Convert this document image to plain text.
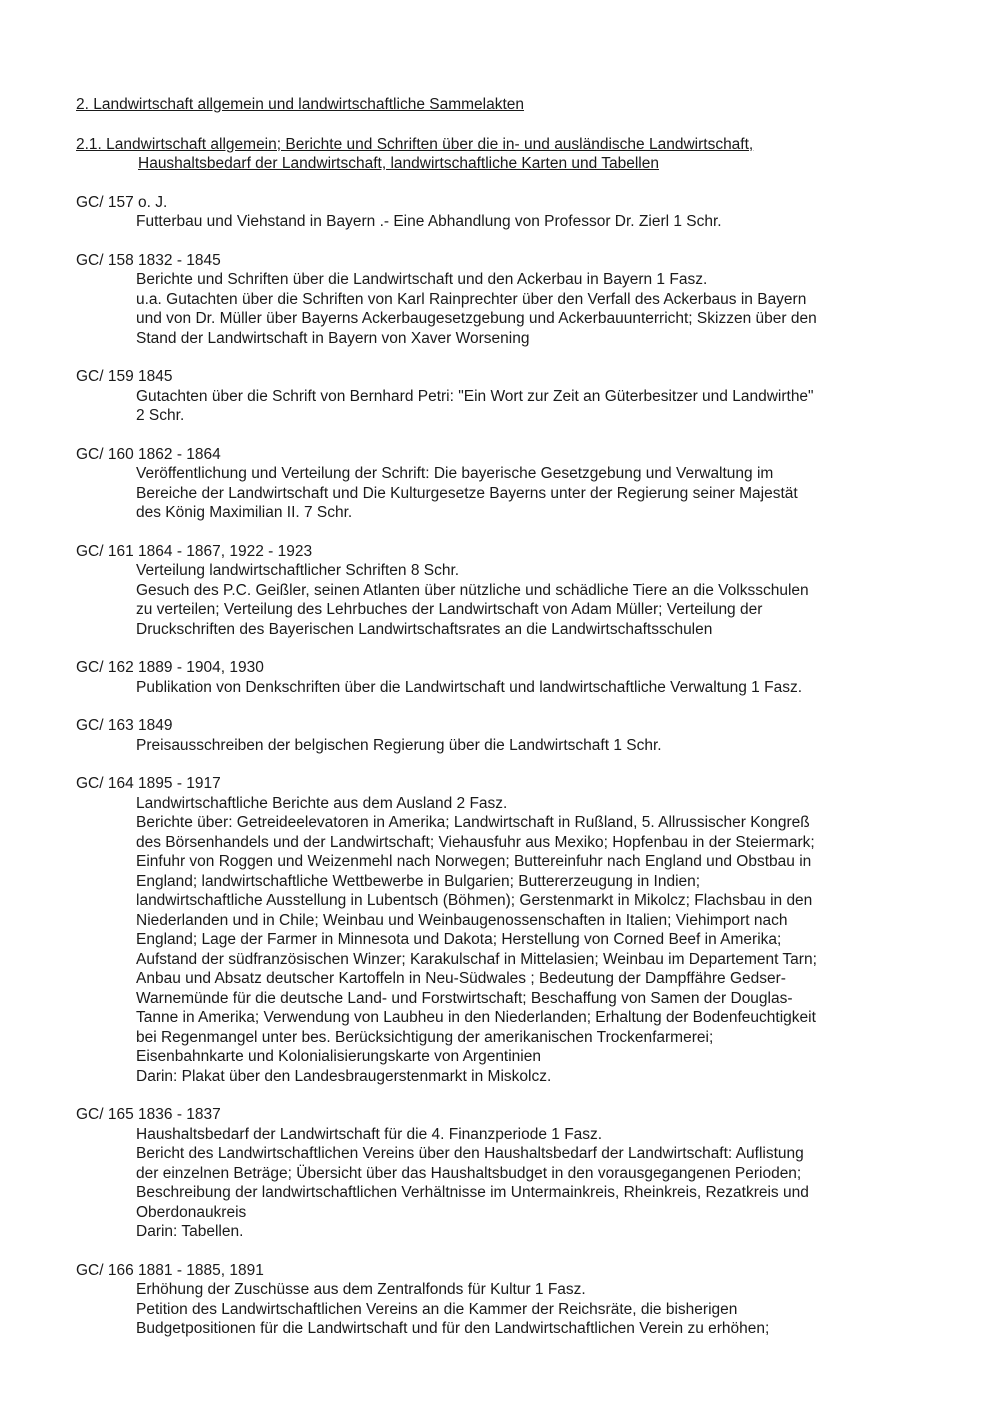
2. Landwirtschaft allgemein und landwirtschaftliche Sammelakten
2.1. Landwirtschaft allgemein; Berichte und Schriften über die in- und ausländische Landwirtschaft,
Haushaltsbedarf der Landwirtschaft, landwirtschaftliche Karten und Tabellen
GC/ 157 o. J.
Futterbau und Viehstand in Bayern .- Eine Abhandlung von Professor Dr. Zierl 1 Schr.
GC/ 158 1832 - 1845
Berichte und Schriften über die Landwirtschaft und den Ackerbau in Bayern 1 Fasz.
u.a. Gutachten über die Schriften von Karl Rainprechter über den Verfall des Ackerbaus in Bayern
und von Dr. Müller über Bayerns Ackerbaugesetzgebung und Ackerbauunterricht; Skizzen über den
Stand der Landwirtschaft in Bayern von Xaver Worsening
GC/ 159 1845
Gutachten über die Schrift von Bernhard Petri: "Ein Wort zur Zeit an Güterbesitzer und Landwirthe"
2 Schr.
GC/ 160 1862 - 1864
Veröffentlichung und Verteilung der Schrift: Die bayerische Gesetzgebung und Verwaltung im
Bereiche der Landwirtschaft und Die Kulturgesetze Bayerns unter der Regierung seiner Majestät
des König Maximilian II. 7 Schr.
GC/ 161 1864 - 1867, 1922 - 1923
Verteilung landwirtschaftlicher Schriften 8 Schr.
Gesuch des P.C. Geißler, seinen Atlanten über nützliche und schädliche Tiere an die Volksschulen
zu verteilen; Verteilung des Lehrbuches der Landwirtschaft von Adam Müller; Verteilung der
Druckschriften des Bayerischen Landwirtschaftsrates an die Landwirtschaftsschulen
GC/ 162 1889 - 1904, 1930
Publikation von Denkschriften über die Landwirtschaft und landwirtschaftliche Verwaltung 1 Fasz.
GC/ 163 1849
Preisausschreiben der belgischen Regierung über die Landwirtschaft 1 Schr.
GC/ 164 1895 - 1917
Landwirtschaftliche Berichte aus dem Ausland 2 Fasz.
Berichte über: Getreideelevatoren in Amerika; Landwirtschaft in Rußland, 5. Allrussischer Kongreß
des Börsenhandels und der Landwirtschaft; Viehausfuhr aus Mexiko; Hopfenbau in der Steiermark;
Einfuhr von Roggen und Weizenmehl nach Norwegen; Buttereinfuhr nach England und Obstbau in
England; landwirtschaftliche Wettbewerbe in Bulgarien; Buttererzeugung in Indien;
landwirtschaftliche Ausstellung in Lubentsch (Böhmen); Gerstenmarkt in Mikolcz; Flachsbau in den
Niederlanden und in Chile; Weinbau und Weinbaugenossenschaften in Italien; Viehimport nach
England; Lage der Farmer in Minnesota und Dakota; Herstellung von Corned Beef in Amerika;
Aufstand der südfranzösischen Winzer; Karakulschaf in Mittelasien; Weinbau im Departement Tarn;
Anbau und Absatz deutscher Kartoffeln in Neu-Südwales ; Bedeutung der Dampffähre Gedser-
Warnemünde für die deutsche Land- und Forstwirtschaft; Beschaffung von Samen der Douglas-
Tanne in Amerika; Verwendung von Laubheu in den Niederlanden; Erhaltung der Bodenfeuchtigkeit
bei Regenmangel unter bes. Berücksichtigung der amerikanischen Trockenfarmerei;
Eisenbahnkarte und Kolonialisierungskarte von Argentinien
Darin: Plakat über den Landesbraugerstenmarkt in Miskolcz.
GC/ 165 1836 - 1837
Haushaltsbedarf der Landwirtschaft für die 4. Finanzperiode 1 Fasz.
Bericht des Landwirtschaftlichen Vereins über den Haushaltsbedarf der Landwirtschaft: Auflistung
der einzelnen Beträge; Übersicht über das Haushaltsbudget in den vorausgegangenen Perioden;
Beschreibung der landwirtschaftlichen Verhältnisse im Untermainkreis, Rheinkreis, Rezatkreis und
Oberdonaukreis
Darin: Tabellen.
GC/ 166 1881 - 1885, 1891
Erhöhung der Zuschüsse aus dem Zentralfonds für Kultur 1 Fasz.
Petition des Landwirtschaftlichen Vereins an die Kammer der Reichsräte, die bisherigen
Budgetpositionen für die Landwirtschaft und für den Landwirtschaftlichen Verein zu erhöhen;
